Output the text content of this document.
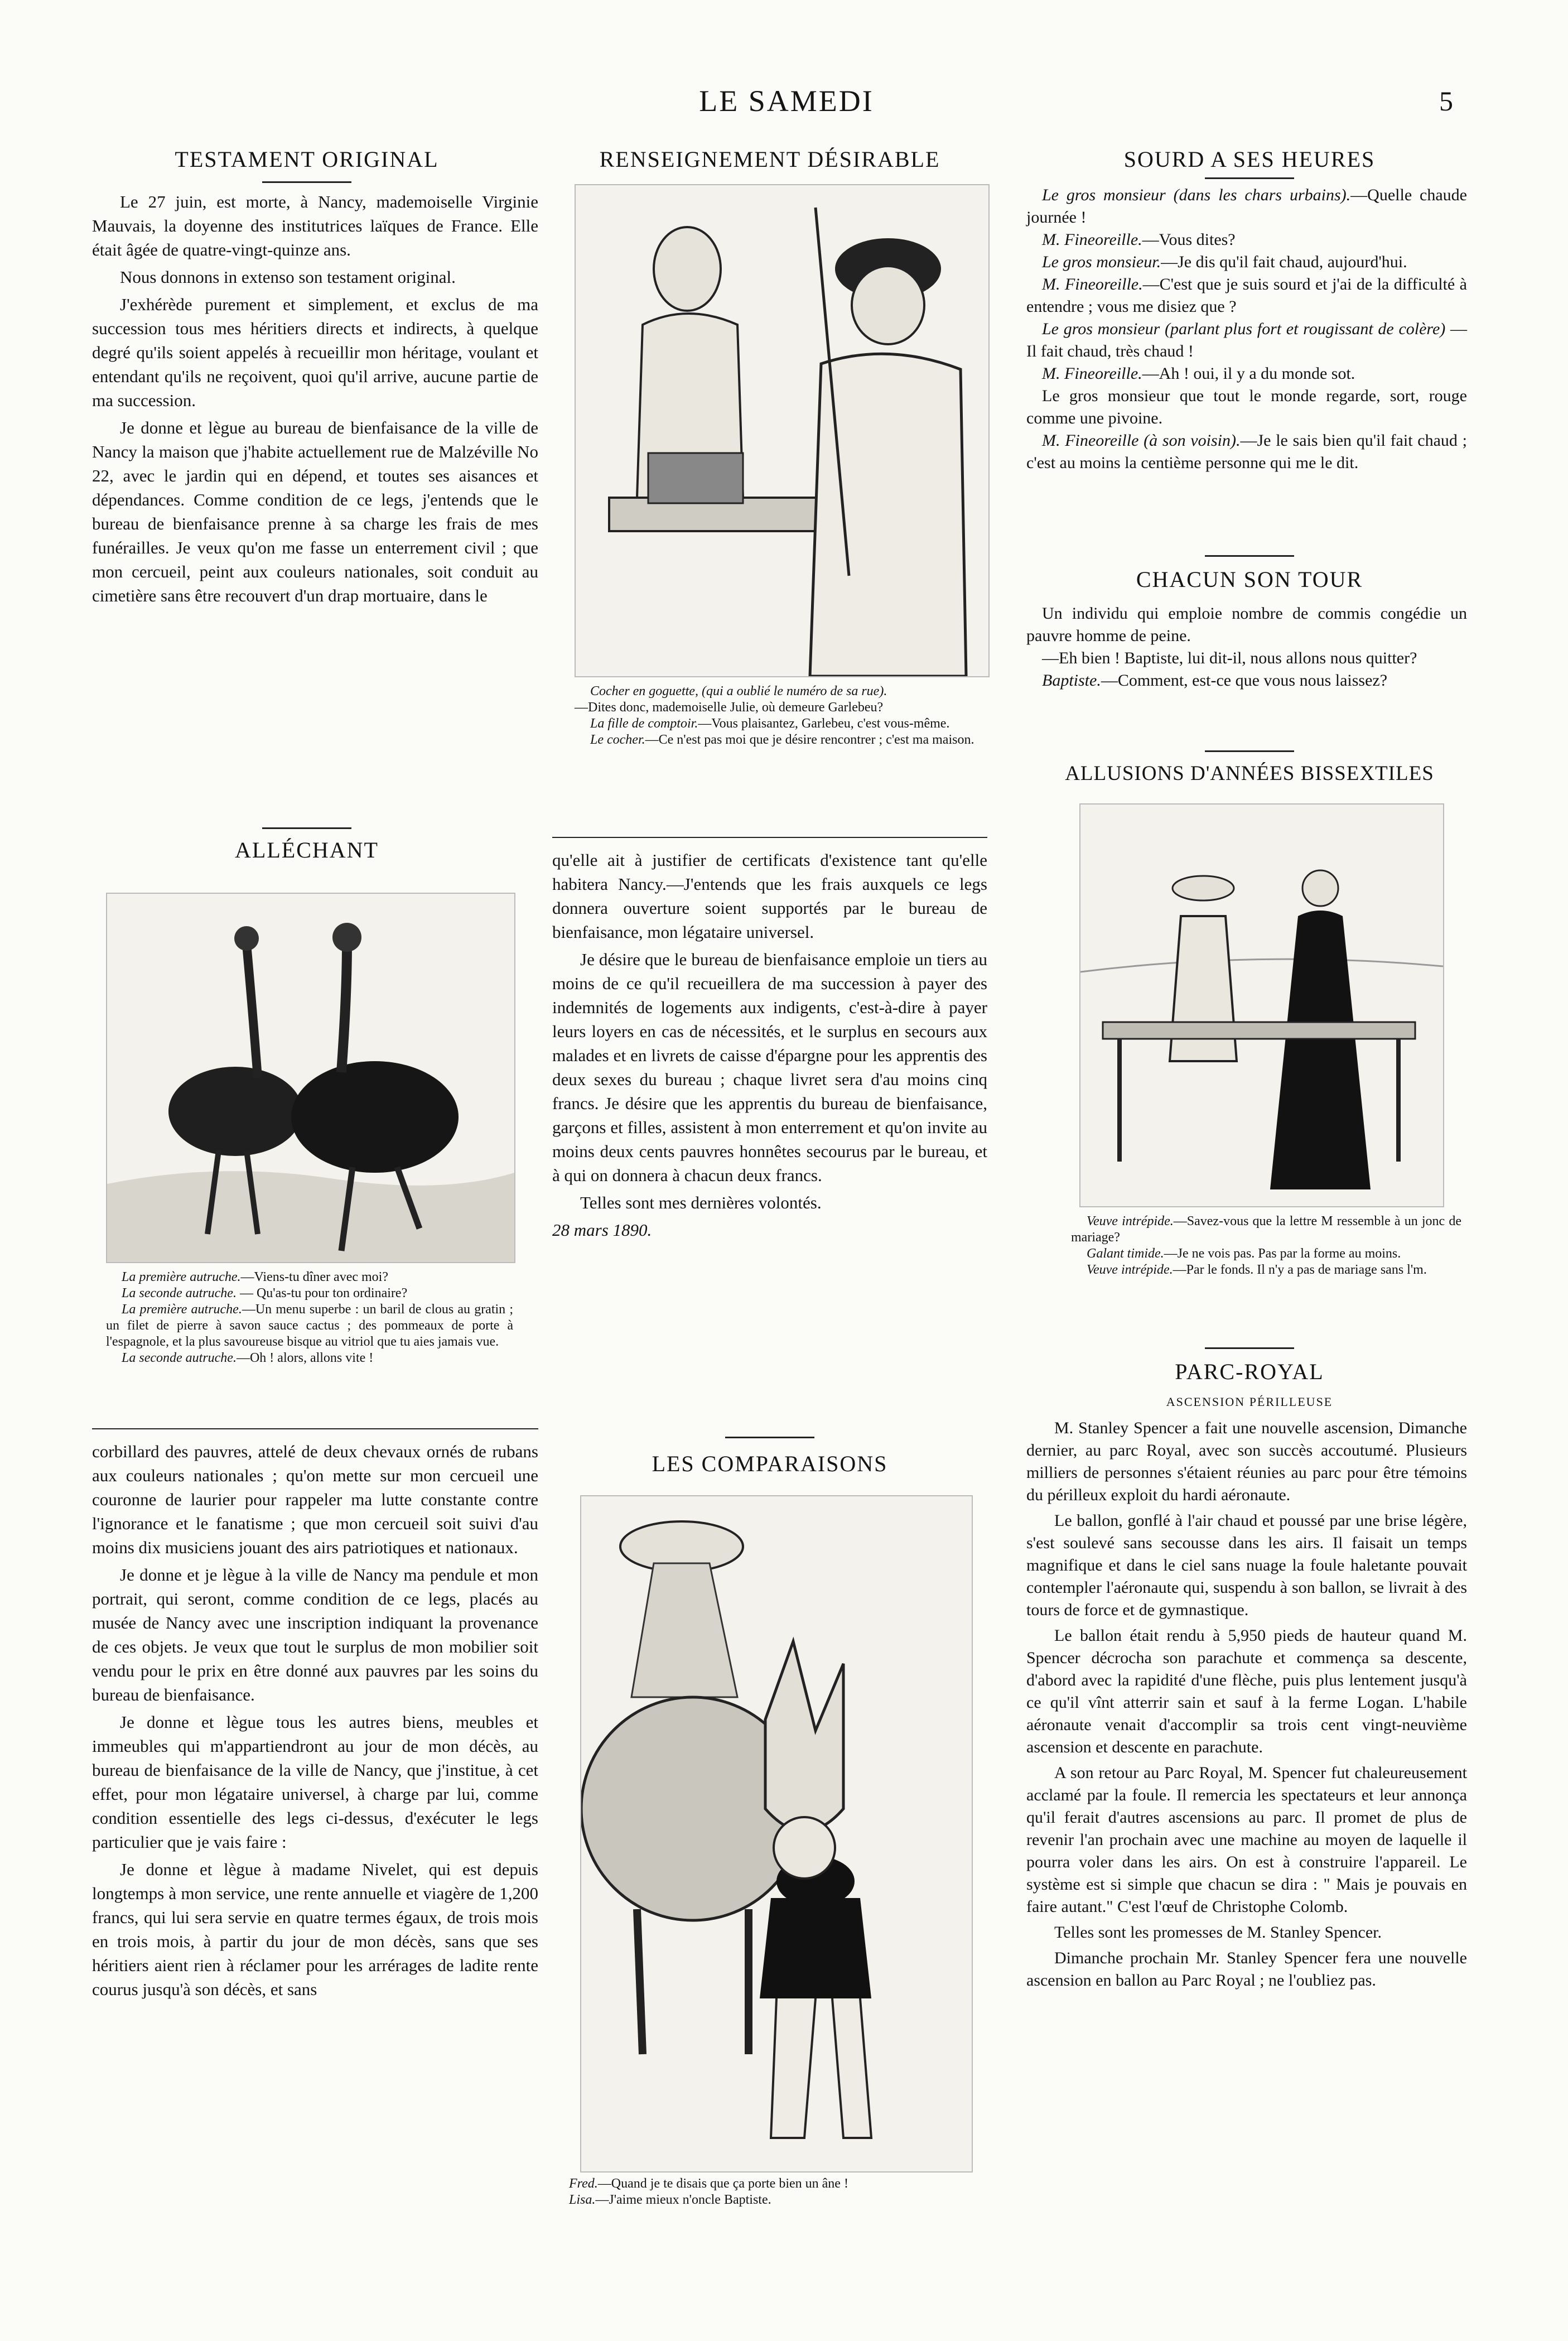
LE SAMEDI	5
TESTAMENT ORIGINAL

Le 27 juin, est morte, à Nancy, mademoiselle Virginie Mauvais, la doyenne des institutrices laïques de France. Elle était âgée de quatre-vingt-quinze ans.

Nous donnons in extenso son testament original.

J'exhérède purement et simplement, et exclus de ma succession tous mes héritiers directs et indirects, à quelque degré qu'ils soient appelés à recueillir mon héritage, voulant et entendant qu'ils ne reçoivent, quoi qu'il arrive, aucune partie de ma succession.

Je donne et lègue au bureau de bienfaisance de la ville de Nancy la maison que j'habite actuellement rue de Malzéville No 22, avec le jardin qui en dépend, et toutes ses aisances et dépendances. Comme condition de ce legs, j'entends que le bureau de bienfaisance prenne à sa charge les frais de mes funérailles. Je veux qu'on me fasse un enterrement civil ; que mon cercueil, peint aux couleurs nationales, soit conduit au cimetière sans être recouvert d'un drap mortuaire, dans le

ALLÉCHANT

La première autruche.—Viens-tu dîner avec moi?

La seconde autruche. — Qu'as-tu pour ton ordinaire?

La première autruche.—Un menu superbe : un baril de clous au gratin ; un filet de pierre à savon sauce cactus ; des pommeaux de porte à l'espagnole, et la plus savoureuse bisque au vitriol que tu aies jamais vue.

La seconde autruche.—Oh ! alors, allons vite !

corbillard des pauvres, attelé de deux chevaux ornés de rubans aux couleurs nationales ; qu'on mette sur mon cercueil une couronne de laurier pour rappeler ma lutte constante contre l'ignorance et le fanatisme ; que mon cercueil soit suivi d'au moins dix musiciens jouant des airs patriotiques et nationaux.

Je donne et je lègue à la ville de Nancy ma pendule et mon portrait, qui seront, comme condition de ce legs, placés au musée de Nancy avec une inscription indiquant la provenance de ces objets. Je veux que tout le surplus de mon mobilier soit vendu pour le prix en être donné aux pauvres par les soins du bureau de bienfaisance.

Je donne et lègue tous les autres biens, meubles et immeubles qui m'appartiendront au jour de mon décès, au bureau de bienfaisance de la ville de Nancy, que j'institue, à cet effet, pour mon légataire universel, à charge par lui, comme condition essentielle des legs ci-dessus, d'exécuter le legs particulier que je vais faire :

Je donne et lègue à madame Nivelet, qui est depuis longtemps à mon service, une rente annuelle et viagère de 1,200 francs, qui lui sera servie en quatre termes égaux, de trois mois en trois mois, à partir du jour de mon décès, sans que ses héritiers aient rien à réclamer pour les arrérages de ladite rente courus jusqu'à son décès, et sans

RENSEIGNEMENT DÉSIRABLE

Cocher en goguette, (qui a oublié le numéro de sa rue).

—Dites donc, mademoiselle Julie, où demeure Garlebeu?

La fille de comptoir.—Vous plaisantez, Garlebeu, c'est vous-même.

Le cocher.—Ce n'est pas moi que je désire rencontrer ; c'est ma maison.

qu'elle ait à justifier de certificats d'existence tant qu'elle habitera Nancy.—J'entends que les frais auxquels ce legs donnera ouverture soient supportés par le bureau de bienfaisance, mon légataire universel.

Je désire que le bureau de bienfaisance emploie un tiers au moins de ce qu'il recueillera de ma succession à payer des indemnités de logements aux indigents, c'est-à-dire à payer leurs loyers en cas de nécessités, et le surplus en secours aux malades et en livrets de caisse d'épargne pour les apprentis des deux sexes du bureau ; chaque livret sera d'au moins cinq francs. Je désire que les apprentis du bureau de bienfaisance, garçons et filles, assistent à mon enterrement et qu'on invite au moins deux cents pauvres honnêtes secourus par le bureau, et à qui on donnera à chacun deux francs.

Telles sont mes dernières volontés.

28 mars 1890.

LES COMPARAISONS

Fred.—Quand je te disais que ça porte bien un âne !

Lisa.—J'aime mieux n'oncle Baptiste.

SOURD A SES HEURES

Le gros monsieur (dans les chars urbains).—Quelle chaude journée !

M. Fineoreille.—Vous dites?

Le gros monsieur.—Je dis qu'il fait chaud, aujourd'hui.

M. Fineoreille.—C'est que je suis sourd et j'ai de la difficulté à entendre ; vous me disiez que ?

Le gros monsieur (parlant plus fort et rougissant de colère) —Il fait chaud, très chaud !

M. Fineoreille.—Ah ! oui, il y a du monde sot.

Le gros monsieur que tout le monde regarde, sort, rouge comme une pivoine.

M. Fineoreille (à son voisin).—Je le sais bien qu'il fait chaud ; c'est au moins la centième personne qui me le dit.

CHACUN SON TOUR

Un individu qui emploie nombre de commis congédie un pauvre homme de peine.

—Eh bien ! Baptiste, lui dit-il, nous allons nous quitter?

Baptiste.—Comment, est-ce que vous nous laissez?

ALLUSIONS D'ANNÉES BISSEXTILES

Veuve intrépide.—Savez-vous que la lettre M ressemble à un jonc de mariage?

Galant timide.—Je ne vois pas. Pas par la forme au moins.

Veuve intrépide.—Par le fonds. Il n'y a pas de mariage sans l'm.

PARC-ROYAL
ASCENSION PÉRILLEUSE

M. Stanley Spencer a fait une nouvelle ascension, Dimanche dernier, au parc Royal, avec son succès accoutumé. Plusieurs milliers de personnes s'étaient réunies au parc pour être témoins du périlleux exploit du hardi aéronaute.

Le ballon, gonflé à l'air chaud et poussé par une brise légère, s'est soulevé sans secousse dans les airs. Il faisait un temps magnifique et dans le ciel sans nuage la foule haletante pouvait contempler l'aéronaute qui, suspendu à son ballon, se livrait à des tours de force et de gymnastique.

Le ballon était rendu à 5,950 pieds de hauteur quand M. Spencer décrocha son parachute et commença sa descente, d'abord avec la rapidité d'une flèche, puis plus lentement jusqu'à ce qu'il vînt atterrir sain et sauf à la ferme Logan. L'habile aéronaute venait d'accomplir sa trois cent vingt-neuvième ascension et descente en parachute.

A son retour au Parc Royal, M. Spencer fut chaleureusement acclamé par la foule. Il remercia les spectateurs et leur annonça qu'il ferait d'autres ascensions au parc. Il promet de plus de revenir l'an prochain avec une machine au moyen de laquelle il pourra voler dans les airs. On est à construire l'appareil. Le système est si simple que chacun se dira : " Mais je pouvais en faire autant." C'est l'œuf de Christophe Colomb.

Telles sont les promesses de M. Stanley Spencer.

Dimanche prochain Mr. Stanley Spencer fera une nouvelle ascension en ballon au Parc Royal ; ne l'oubliez pas.
